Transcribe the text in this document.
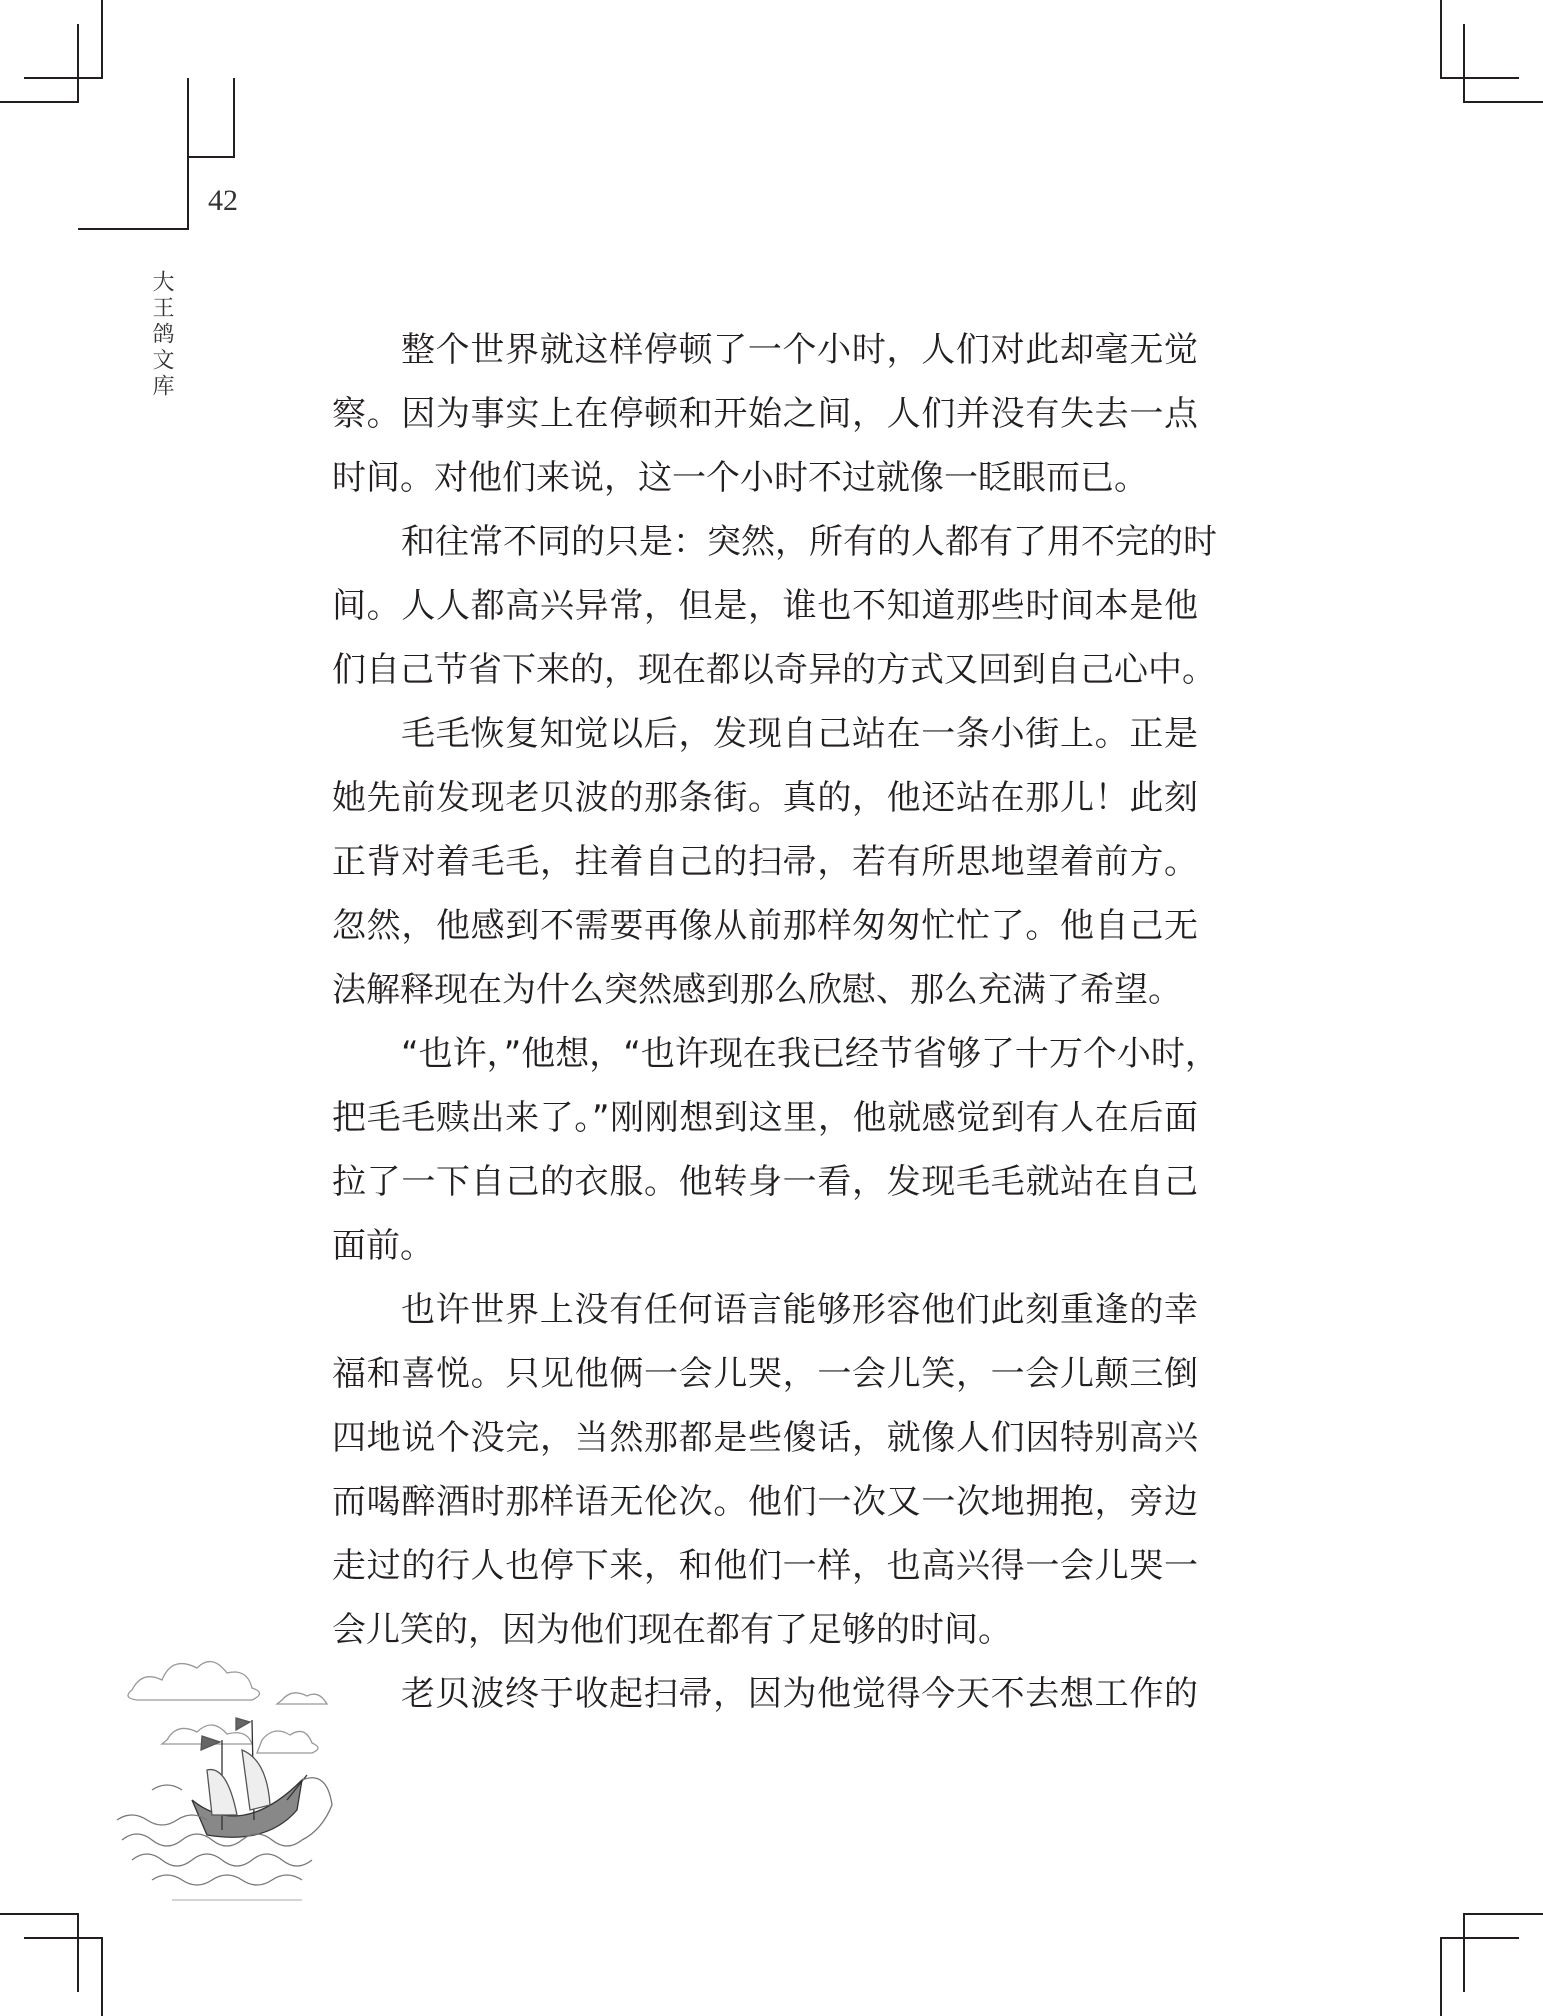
42
大王鸽文库	整个世界就这样停顿了一个小时，人们对此却毫无觉
察。因为事实上在停顿和开始之间，人们并没有失去一点
时间。对他们来说，这一个小时不过就像一眨眼而已。
和往常不同的只是：突然，所有的人都有了用不完的时
间。人人都高兴异常，但是，谁也不知道那些时间本是他
们自己节省下来的，现在都以奇异的方式又回到自己心中。
毛毛恢复知觉以后，发现自己站在一条小街上。正是
她先前发现老贝波的那条街。真的，他还站在那儿！此刻
正背对着毛毛，拄着自己的扫帚，若有所思地望着前方。
忽然，他感到不需要再像从前那样匆匆忙忙了。他自己无
法解释现在为什么突然感到那么欣慰、那么充满了希望。
“也许，”他想，“也许现在我已经节省够了十万个小时，
把毛毛赎出来了。”刚刚想到这里，他就感觉到有人在后面
拉了一下自己的衣服。他转身一看，发现毛毛就站在自己
面前。
也许世界上没有任何语言能够形容他们此刻重逢的幸
福和喜悦。只见他俩一会儿哭，一会儿笑，一会儿颠三倒
四地说个没完，当然那都是些傻话，就像人们因特别高兴
而喝醉酒时那样语无伦次。他们一次又一次地拥抱，旁边
走过的行人也停下来，和他们一样，也高兴得一会儿哭一
会儿笑的，因为他们现在都有了足够的时间。
老贝波终于收起扫帚，因为他觉得今天不去想工作的
